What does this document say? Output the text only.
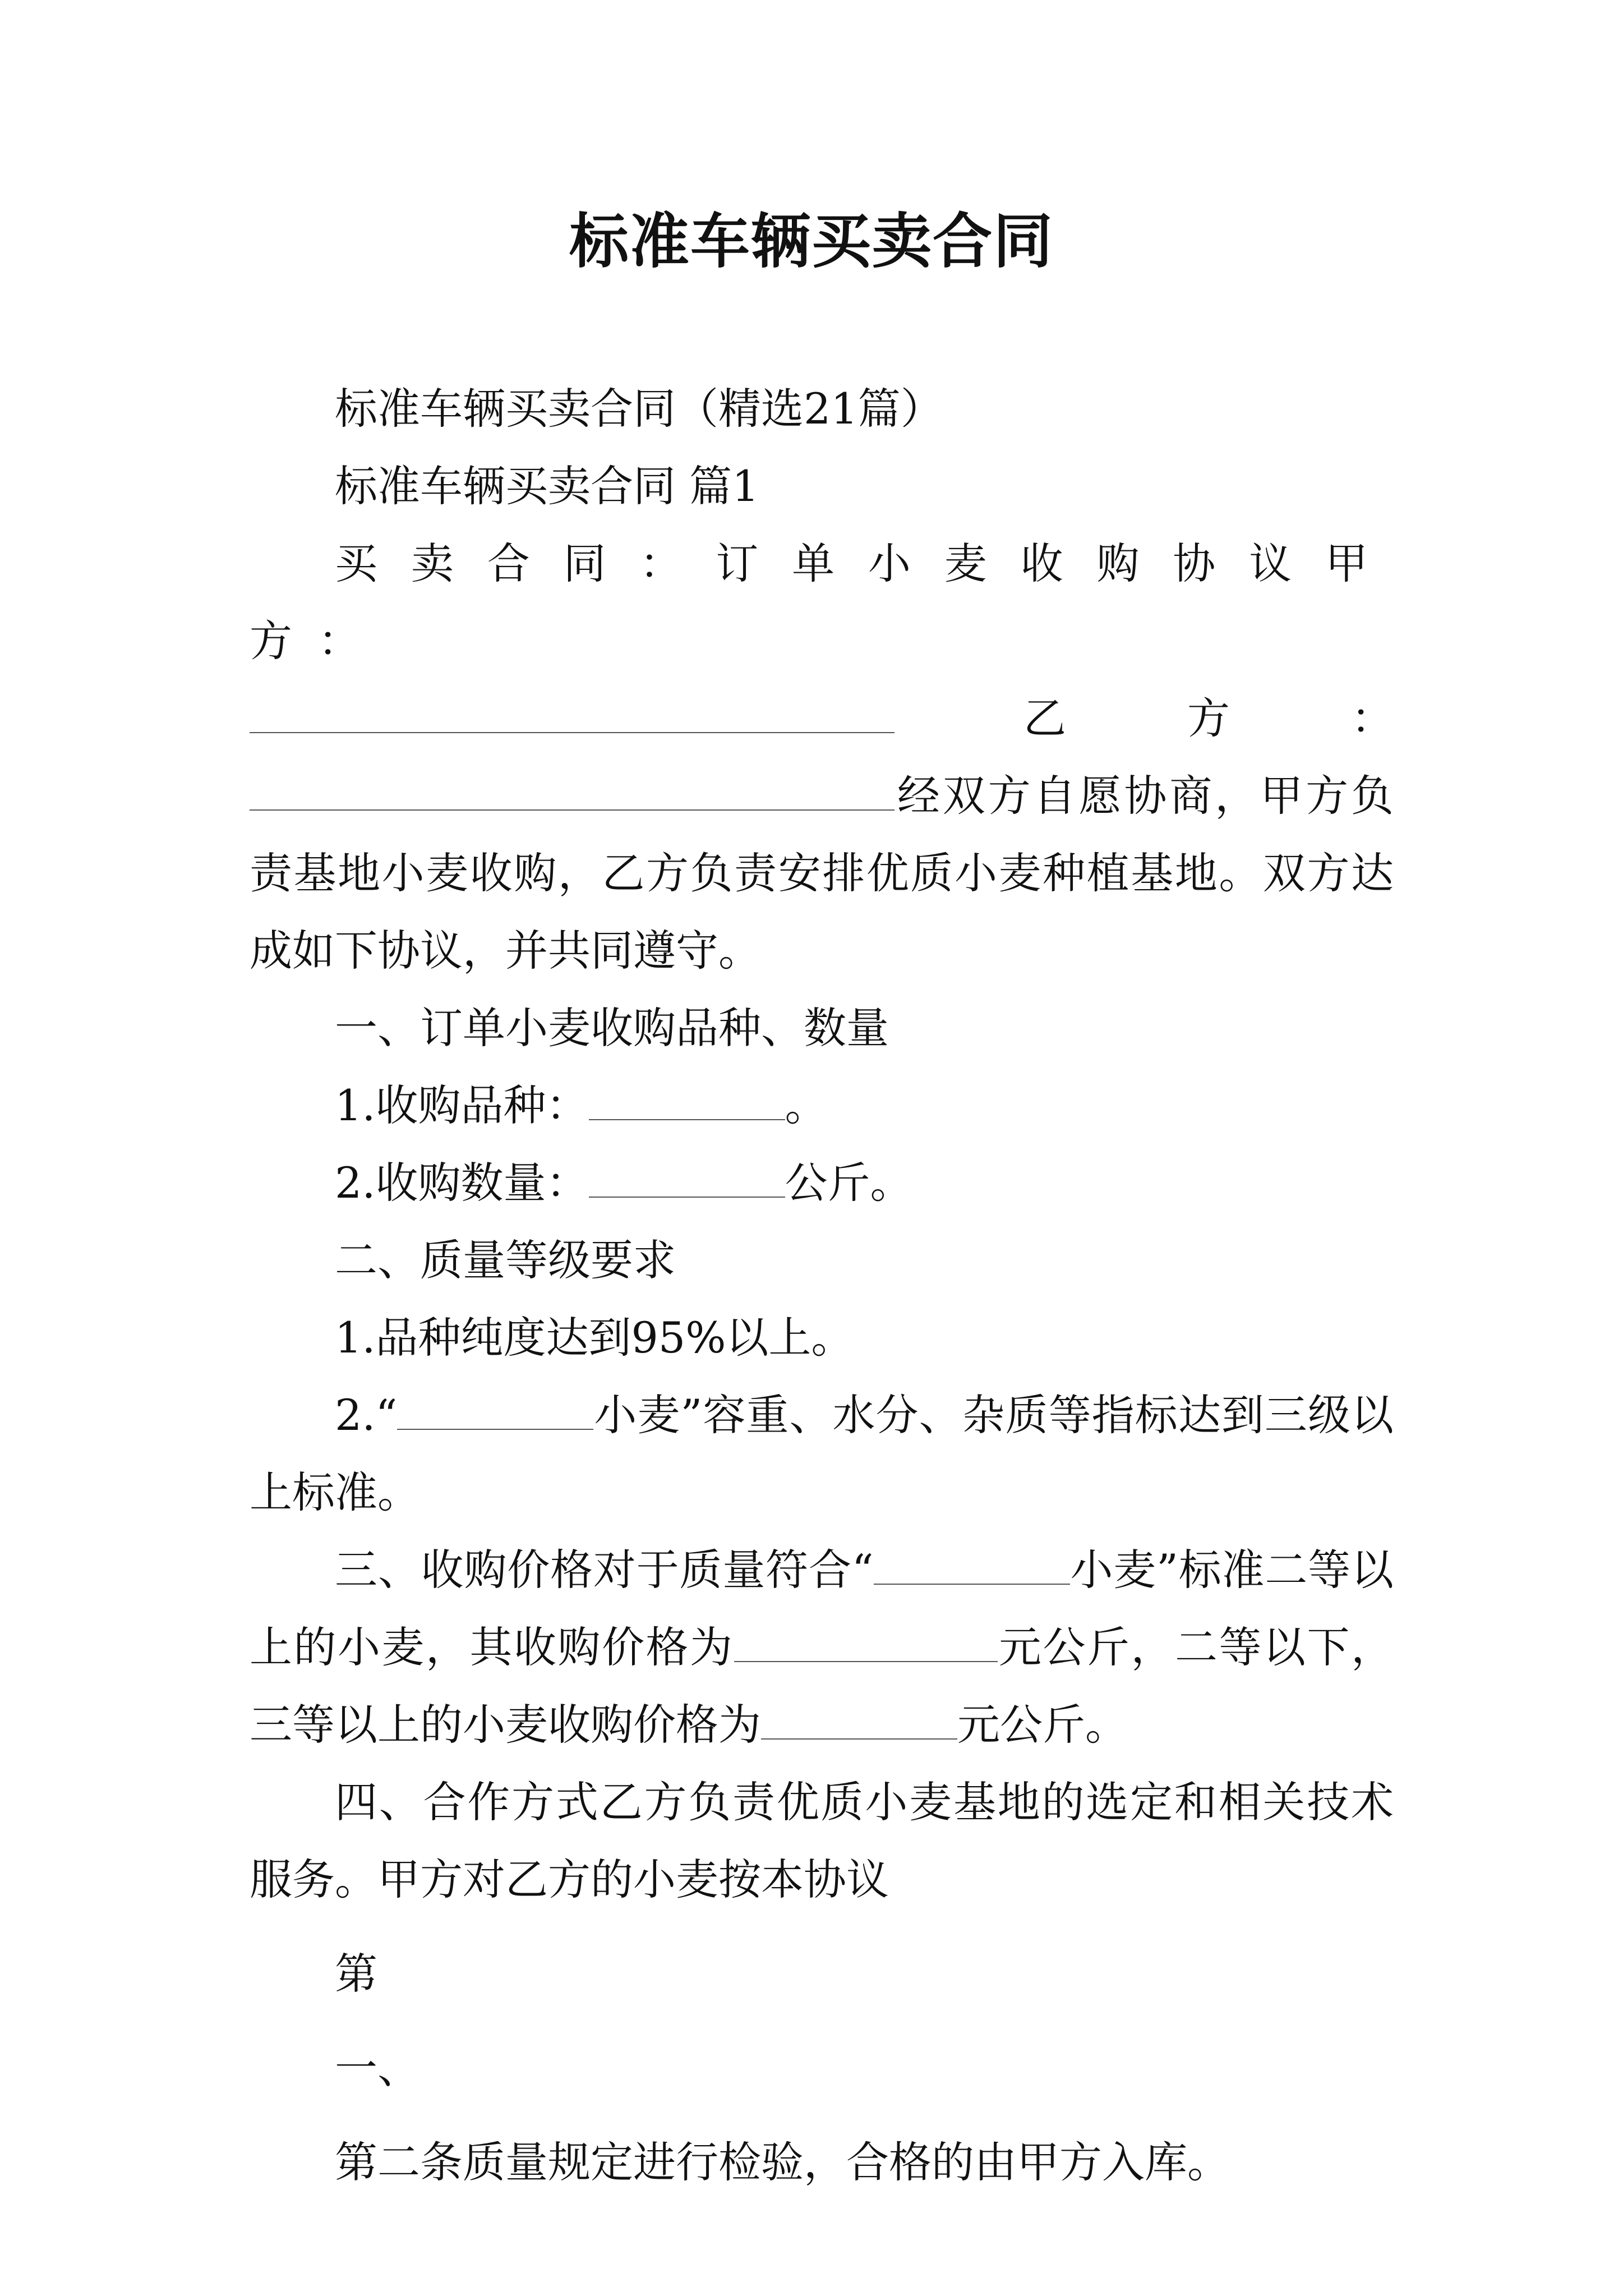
标准车辆买卖合同

标准车辆买卖合同（精选21篇）

标准车辆买卖合同 篇1

买卖合同：订单小麦收购协议甲方：

乙	方	：

经双方自愿协商，甲方负责基地小麦收购，乙方负责安排优质小麦种植基地。双方达成如下协议，并共同遵守。

一、订单小麦收购品种、数量

1.收购品种：	。

2.收购数量：	公斤。

二、质量等级要求

1.品种纯度达到95%以上。

2.“	小麦”容重、水分、杂质等指标达到三级以上标准。

三、收购价格对于质量符合“	小麦”标准二等以上的小麦，其收购价格为	元公斤，二等以下，三等以上的小麦收购价格为	元公斤。

四、合作方式乙方负责优质小麦基地的选定和相关技术服务。甲方对乙方的小麦按本协议

第

一、

第二条质量规定进行检验，合格的由甲方入库。
